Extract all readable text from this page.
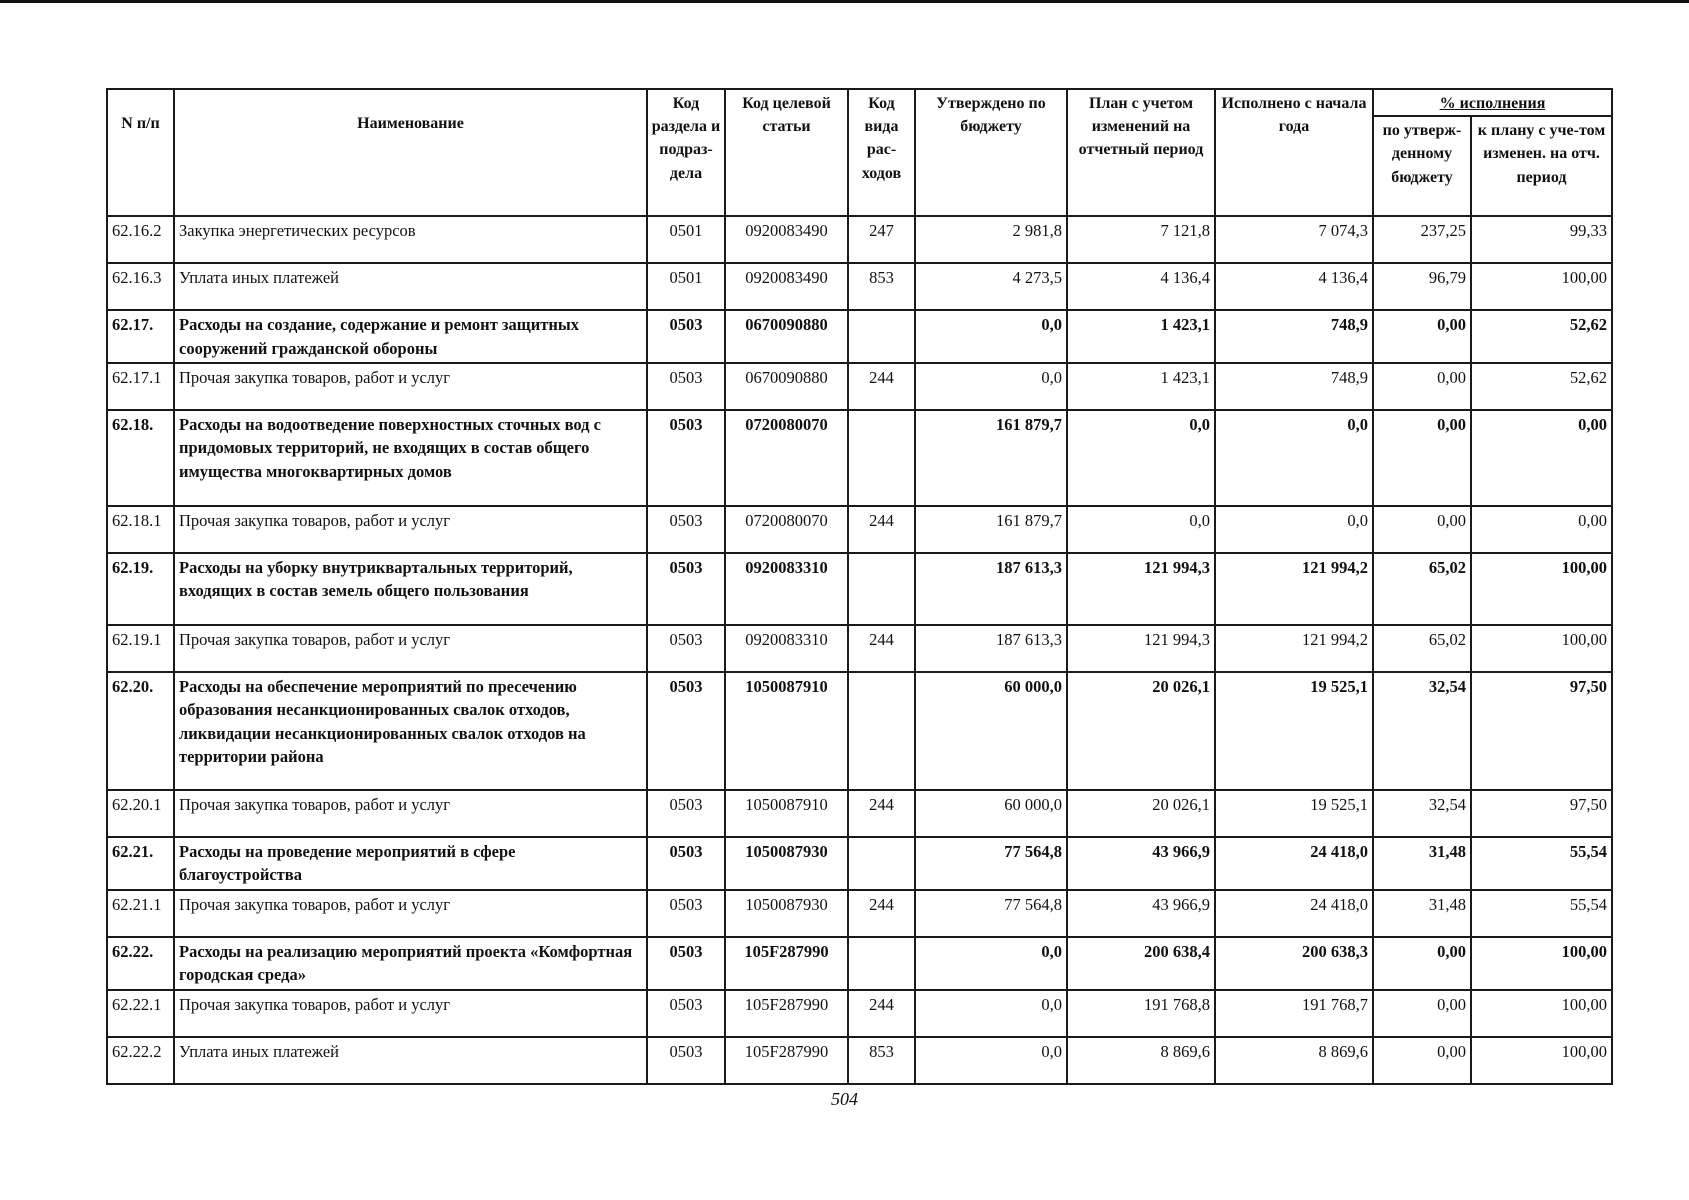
N п/п	Наименование	Код раздела и подраз-дела	Код целевой статьи	Код вида рас-ходов	Утверждено по бюджету	План с учетом изменений на отчетный период	Исполнено с начала года	% исполнения	
								по утверж-денному бюджету	к плану с уче-том изменен. на отч. период
62.16.2	Закупка энергетических ресурсов	0501	0920083490	247	2 981,8	7 121,8	7 074,3	237,25	99,33
62.16.3	Уплата иных платежей	0501	0920083490	853	4 273,5	4 136,4	4 136,4	96,79	100,00
62.17.	Расходы на создание, содержание и ремонт защитных сооружений гражданской обороны	0503	0670090880		0,0	1 423,1	748,9	0,00	52,62
62.17.1	Прочая закупка товаров, работ и услуг	0503	0670090880	244	0,0	1 423,1	748,9	0,00	52,62
62.18.	Расходы на водоотведение поверхностных сточных вод с придомовых территорий, не входящих в состав общего имущества многоквартирных домов	0503	0720080070		161 879,7	0,0	0,0	0,00	0,00
62.18.1	Прочая закупка товаров, работ и услуг	0503	0720080070	244	161 879,7	0,0	0,0	0,00	0,00
62.19.	Расходы на уборку внутриквартальных территорий, входящих в состав земель общего пользования	0503	0920083310		187 613,3	121 994,3	121 994,2	65,02	100,00
62.19.1	Прочая закупка товаров, работ и услуг	0503	0920083310	244	187 613,3	121 994,3	121 994,2	65,02	100,00
62.20.	Расходы на обеспечение мероприятий по пресечению образования несанкционированных свалок отходов, ликвидации несанкционированных свалок отходов на территории района	0503	1050087910		60 000,0	20 026,1	19 525,1	32,54	97,50
62.20.1	Прочая закупка товаров, работ и услуг	0503	1050087910	244	60 000,0	20 026,1	19 525,1	32,54	97,50
62.21.	Расходы на проведение мероприятий в сфере благоустройства	0503	1050087930		77 564,8	43 966,9	24 418,0	31,48	55,54
62.21.1	Прочая закупка товаров, работ и услуг	0503	1050087930	244	77 564,8	43 966,9	24 418,0	31,48	55,54
62.22.	Расходы на реализацию мероприятий проекта «Комфортная городская среда»	0503	105F287990		0,0	200 638,4	200 638,3	0,00	100,00
62.22.1	Прочая закупка товаров, работ и услуг	0503	105F287990	244	0,0	191 768,8	191 768,7	0,00	100,00
62.22.2	Уплата иных платежей	0503	105F287990	853	0,0	8 869,6	8 869,6	0,00	100,00
504
